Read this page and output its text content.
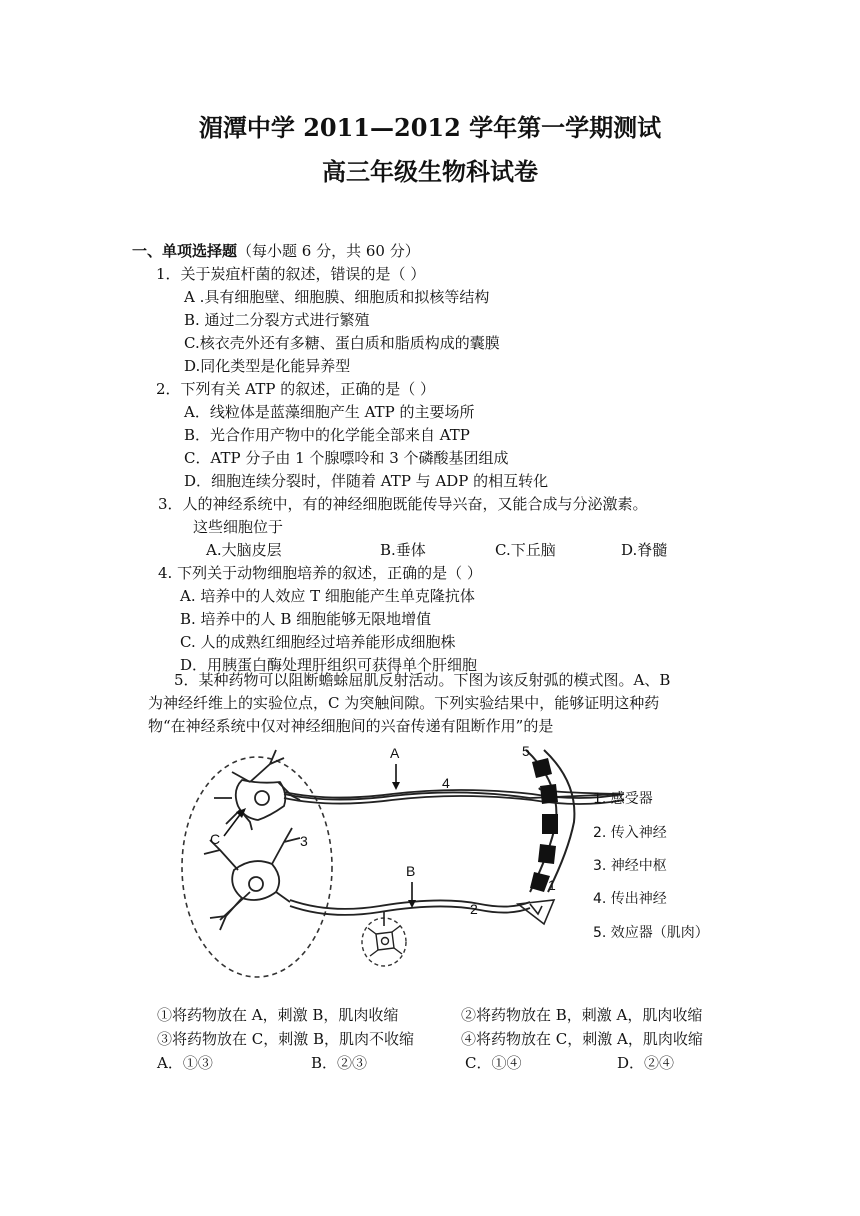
湄潭中学 2011—2012 学年第一学期测试
高三年级生物科试卷
一、单项选择题（每小题 6 分，共 60 分）
1．关于炭疽杆菌的叙述，错误的是（ ）
A .具有细胞壁、细胞膜、细胞质和拟核等结构
B. 通过二分裂方式进行繁殖
C.核衣壳外还有多糖、蛋白质和脂质构成的囊膜
D.同化类型是化能异养型
2．下列有关 ATP 的叙述，正确的是（ ）
A．线粒体是蓝藻细胞产生 ATP 的主要场所
B．光合作用产物中的化学能全部来自 ATP
C．ATP 分子由 1 个腺嘌呤和 3 个磷酸基团组成
D．细胞连续分裂时，伴随着 ATP 与 ADP 的相互转化
3．人的神经系统中，有的神经细胞既能传导兴奋，又能合成与分泌激素。
这些细胞位于
A.大脑皮层	B.垂体	C.下丘脑	D.脊髓
4. 下列关于动物细胞培养的叙述，正确的是（ ）
A. 培养中的人效应 T 细胞能产生单克隆抗体
B. 培养中的人 B 细胞能够无限地增值
C. 人的成熟红细胞经过培养能形成细胞株
D．用胰蛋白酶处理肝组织可获得单个肝细胞
5．某种药物可以阻断蟾蜍屈肌反射活动。下图为该反射弧的模式图。A、B
为神经纤维上的实验位点，C 为突触间隙。下列实验结果中，能够证明这种药
物“在神经系统中仅对神经细胞间的兴奋传递有阻断作用”的是
A
B
C
1
2
3
4
5
1. 感受器
2. 传入神经
3. 神经中枢
4. 传出神经
5. 效应器（肌肉）
①将药物放在 A，刺激 B，肌肉收缩	②将药物放在 B，刺激 A，肌肉收缩
③将药物放在 C，刺激 B，肌肉不收缩	④将药物放在 C，刺激 A，肌肉收缩
A．①③	B．②③	C．①④	D．②④
